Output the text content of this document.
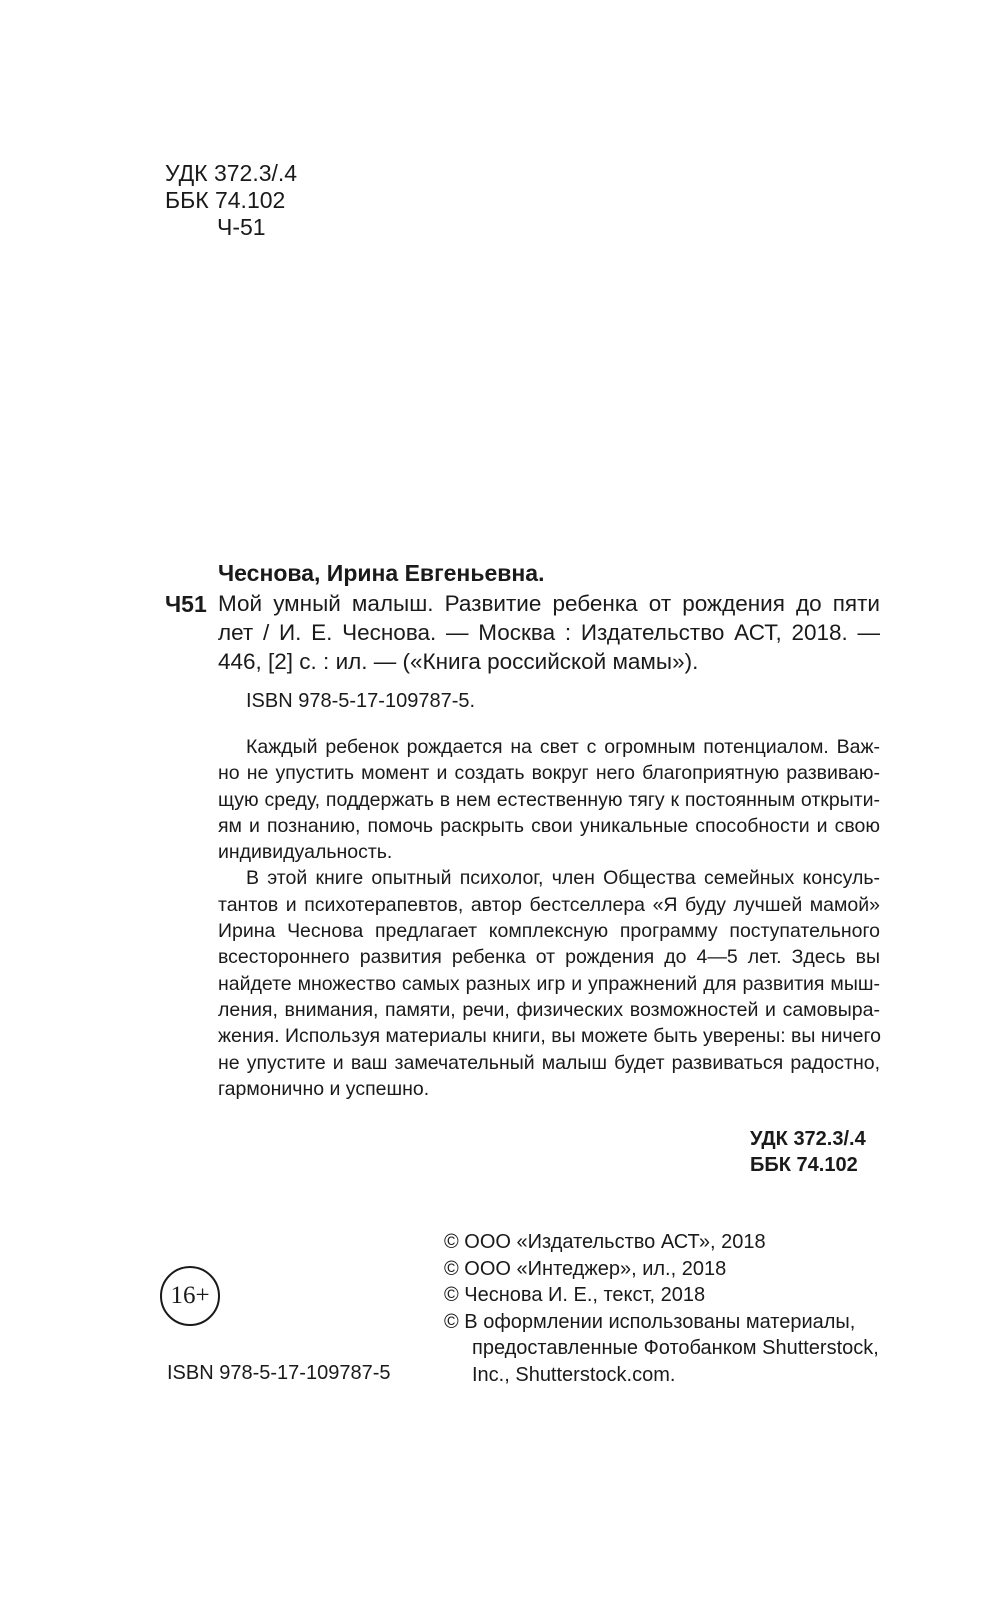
УДК 372.3/.4
ББК 74.102
Ч-51
Чеснова, Ирина Евгеньевна.
Ч51 Мой умный малыш. Развитие ребенка от рождения до пяти

лет / И. Е. Чеснова. — Москва : Издательство АСТ, 2018. —

446, [2] с. : ил. — («Книга российской мамы»).

ISBN 978-5-17-109787-5.
Каждый ребенок рождается на свет с огромным потенциалом. Важ-
но не упустить момент и создать вокруг него благоприятную развиваю-
щую среду, поддержать в нем естественную тягу к постоянным открыти-
ям и познанию, помочь раскрыть свои уникальные способности и свою
индивидуальность.
В этой книге опытный психолог, член Общества семейных консуль-
тантов и психотерапевтов, автор бестселлера «Я буду лучшей мамой»
Ирина Чеснова предлагает комплексную программу поступательного
всестороннего развития ребенка от рождения до 4—5 лет. Здесь вы
найдете множество самых разных игр и упражнений для развития мыш-
ления, внимания, памяти, речи, физических возможностей и самовыра-
жения. Используя материалы книги, вы можете быть уверены: вы ничего
не упустите и ваш замечательный малыш будет развиваться радостно,
гармонично и успешно.
УДК 372.3/.4
ББК 74.102
© ООО «Издательство АСТ», 2018
© ООО «Интеджер», ил., 2018
© Чеснова И. Е., текст, 2018
© В оформлении использованы материалы,
предоставленные Фотобанком Shutterstock,
Inc., Shutterstock.com.
16+
ISBN 978-5-17-109787-5
